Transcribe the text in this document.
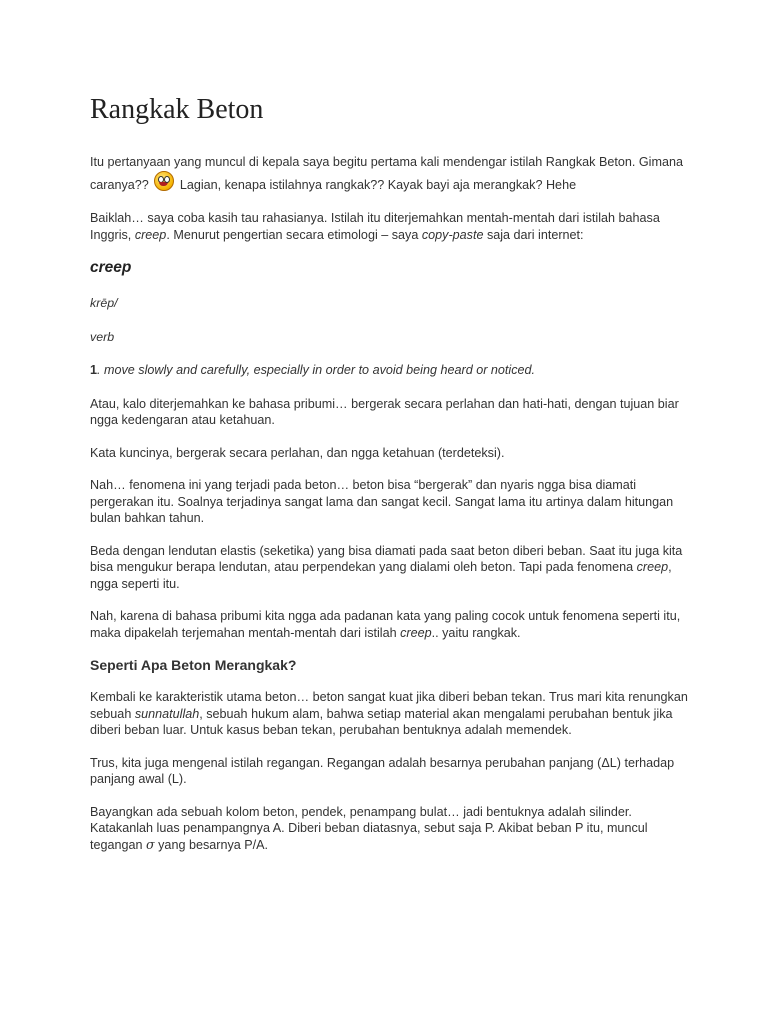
Rangkak Beton

Itu pertanyaan yang muncul di kepala saya begitu pertama kali mendengar istilah Rangkak Beton. Gimana caranya?? Lagian, kenapa istilahnya rangkak?? Kayak bayi aja merangkak? Hehe

Baiklah… saya coba kasih tau rahasianya. Istilah itu diterjemahkan mentah-mentah dari istilah bahasa Inggris, creep. Menurut pengertian secara etimologi – saya copy-paste saja dari internet:

creep

krēp/

verb

1. move slowly and carefully, especially in order to avoid being heard or noticed.

Atau, kalo diterjemahkan ke bahasa pribumi… bergerak secara perlahan dan hati-hati, dengan tujuan biar ngga kedengaran atau ketahuan.

Kata kuncinya, bergerak secara perlahan, dan ngga ketahuan (terdeteksi).

Nah… fenomena ini yang terjadi pada beton… beton bisa “bergerak” dan nyaris ngga bisa diamati pergerakan itu. Soalnya terjadinya sangat lama dan sangat kecil. Sangat lama itu artinya dalam hitungan bulan bahkan tahun.

Beda dengan lendutan elastis (seketika) yang bisa diamati pada saat beton diberi beban. Saat itu juga kita bisa mengukur berapa lendutan, atau perpendekan yang dialami oleh beton. Tapi pada fenomena creep, ngga seperti itu.

Nah, karena di bahasa pribumi kita ngga ada padanan kata yang paling cocok untuk fenomena seperti itu, maka dipakelah terjemahan mentah-mentah dari istilah creep.. yaitu rangkak.

Seperti Apa Beton Merangkak?

Kembali ke karakteristik utama beton… beton sangat kuat jika diberi beban tekan. Trus mari kita renungkan sebuah sunnatullah, sebuah hukum alam, bahwa setiap material akan mengalami perubahan bentuk jika diberi beban luar. Untuk kasus beban tekan, perubahan bentuknya adalah memendek.

Trus, kita juga mengenal istilah regangan. Regangan adalah besarnya perubahan panjang (ΔL) terhadap panjang awal (L).

Bayangkan ada sebuah kolom beton, pendek, penampang bulat… jadi bentuknya adalah silinder. Katakanlah luas penampangnya A. Diberi beban diatasnya, sebut saja P. Akibat beban P itu, muncul tegangan σ yang besarnya P/A.
